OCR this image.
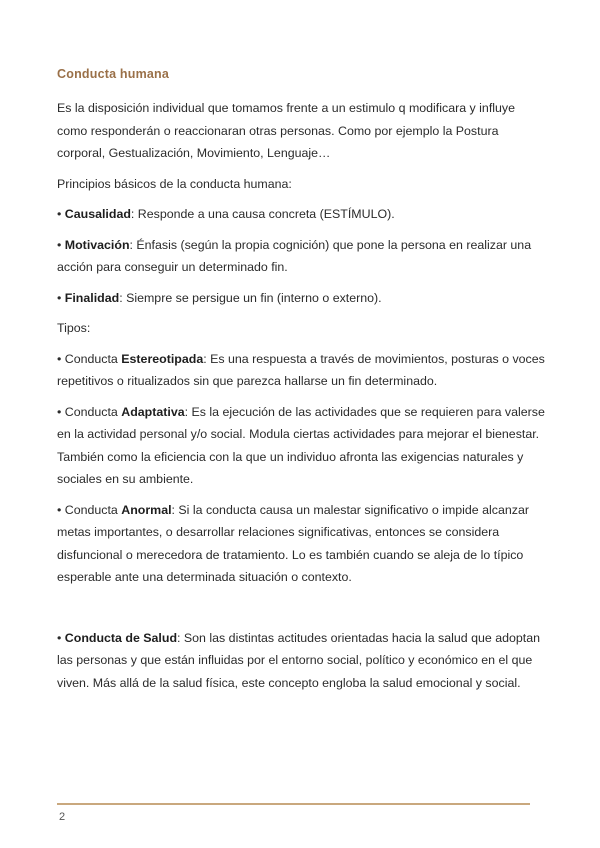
Conducta humana

Es la disposición individual que tomamos frente a un estimulo q modificara y influye como responderán o reaccionaran otras personas. Como por ejemplo la Postura corporal, Gestualización, Movimiento, Lenguaje…

Principios básicos de la conducta humana:

• Causalidad: Responde a una causa concreta (ESTÍMULO).

• Motivación: Énfasis (según la propia cognición) que pone la persona en realizar una acción para conseguir un determinado fin.

• Finalidad: Siempre se persigue un fin (interno o externo).

Tipos:

• Conducta Estereotipada: Es una respuesta a través de movimientos, posturas o voces repetitivos o ritualizados sin que parezca hallarse un fin determinado.

• Conducta Adaptativa: Es la ejecución de las actividades que se requieren para valerse en la actividad personal y/o social. Modula ciertas actividades para mejorar el bienestar. También como la eficiencia con la que un individuo afronta las exigencias naturales y sociales en su ambiente.

• Conducta Anormal: Si la conducta causa un malestar significativo o impide alcanzar metas importantes, o desarrollar relaciones significativas, entonces se considera disfuncional o merecedora de tratamiento. Lo es también cuando se aleja de lo típico esperable ante una determinada situación o contexto.

• Conducta de Salud: Son las distintas actitudes orientadas hacia la salud que adoptan las personas y que están influidas por el entorno social, político y económico en el que viven. Más allá de la salud física, este concepto engloba la salud emocional y social.

2
